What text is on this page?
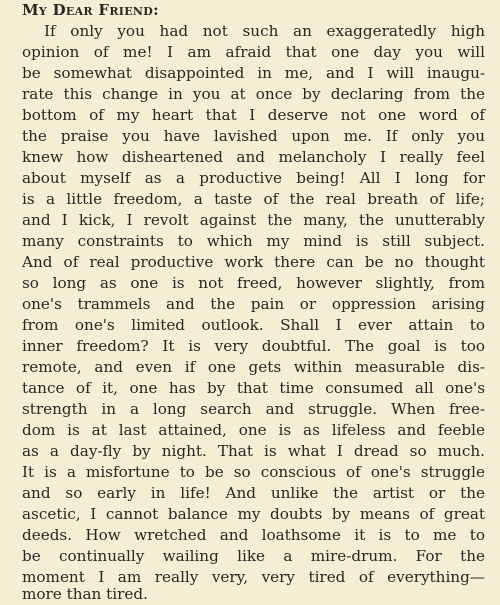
My Dear Friend:
If only you had not such an exaggeratedly high
opinion of me! I am afraid that one day you will
be somewhat disappointed in me, and I will inaugu-
rate this change in you at once by declaring from the
bottom of my heart that I deserve not one word of
the praise you have lavished upon me. If only you
knew how disheartened and melancholy I really feel
about myself as a productive being! All I long for
is a little freedom, a taste of the real breath of life;
and I kick, I revolt against the many, the unutterably
many constraints to which my mind is still subject.
And of real productive work there can be no thought
so long as one is not freed, however slightly, from
one's trammels and the pain or oppression arising
from one's limited outlook. Shall I ever attain to
inner freedom? It is very doubtful. The goal is too
remote, and even if one gets within measurable dis-
tance of it, one has by that time consumed all one's
strength in a long search and struggle. When free-
dom is at last attained, one is as lifeless and feeble
as a day-fly by night. That is what I dread so much.
It is a misfortune to be so conscious of one's struggle
and so early in life! And unlike the artist or the
ascetic, I cannot balance my doubts by means of great
deeds. How wretched and loathsome it is to me to
be continually wailing like a mire-drum. For the
moment I am really very, very tired of everything—
more than tired.
